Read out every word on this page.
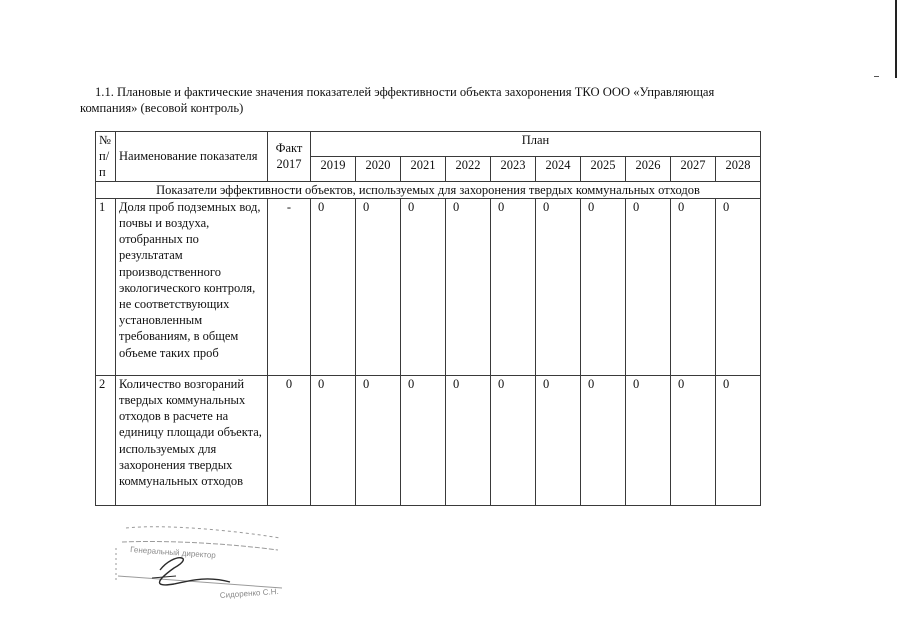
1.1. Плановые и фактические значения показателей эффективности объекта захоронения ТКО ООО «Управляющая
компания» (весовой контроль)
№ п/п	Наименование показателя	Факт 2017	План									
			2019	2020	2021	2022	2023	2024	2025	2026	2027	2028
Показатели эффективности объектов, используемых для захоронения твердых коммунальных отходов												
1	Доля проб подземных вод, почвы и воздуха, отобранных по результатам производственного экологического контроля, не соответствующих установленным требованиям, в общем объеме таких проб	-	0	0	0	0	0	0	0	0	0	0
2	Количество возгораний твердых коммунальных отходов в расчете на единицу площади объекта, используемых для захоронения твердых коммунальных отходов	0	0	0	0	0	0	0	0	0	0	0
Генеральный директор
Сидоренко С.Н.
